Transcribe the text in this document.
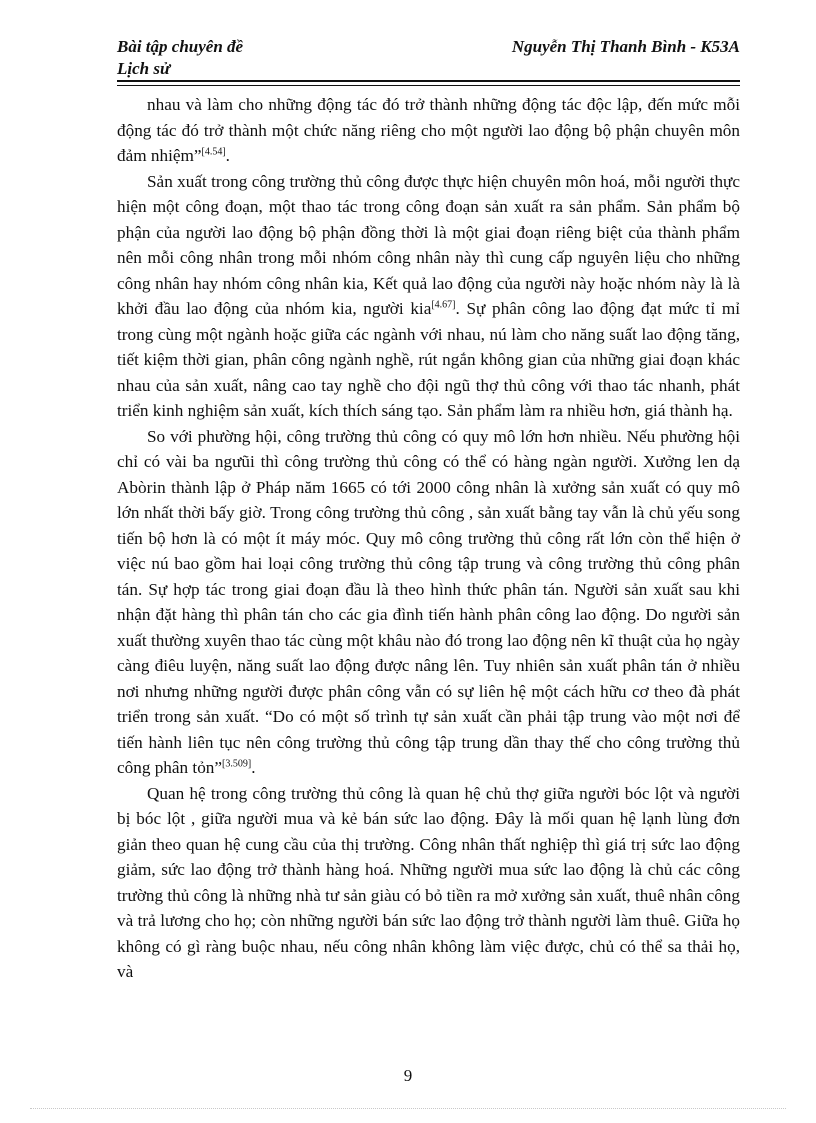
Bài tập chuyên đề
Lịch sử
Nguyễn Thị Thanh Bình - K53A

nhau và làm cho những động tác đó trở thành những động tác độc lập, đến mức mỗi động tác đó trở thành một chức năng riêng cho một người lao động bộ phận chuyên môn đảm nhiệm”[4.54].

Sản xuất trong công trường thủ công được thực hiện chuyên môn hoá, mỗi người thực hiện một công đoạn, một thao tác trong công đoạn sản xuất ra sản phẩm. Sản phẩm bộ phận của người lao động bộ phận đồng thời là một giai đoạn riêng biệt của thành phẩm nên mỗi công nhân trong mỗi nhóm công nhân này thì cung cấp nguyên liệu cho những công nhân hay nhóm công nhân kia, Kết quả lao động của người này hoặc nhóm này là là khởi đầu lao động của nhóm kia, người kia[4.67]. Sự phân công lao động đạt mức tỉ mỉ trong cùng một ngành hoặc giữa các ngành với nhau, nú làm cho năng suất lao động tăng, tiết kiệm thời gian, phân công ngành nghề, rút ngắn không gian của những giai đoạn khác nhau của sản xuất, nâng cao tay nghề cho đội ngũ thợ thủ công với thao tác nhanh, phát triển kinh nghiệm sản xuất, kích thích sáng tạo. Sản phẩm làm ra nhiều hơn, giá thành hạ.

So với phường hội, công trường thủ công có quy mô lớn hơn nhiều. Nếu phường hội chỉ có vài ba ngưũi thì công trường thủ công có thể có hàng ngàn người. Xưởng len dạ Abòrin thành lập ở Pháp năm 1665 có tới 2000 công nhân là xưởng sản xuất có quy mô lớn nhất thời bấy giờ. Trong công trường thủ công , sản xuất bằng tay vẫn là chủ yếu song tiến bộ hơn là có một ít máy móc. Quy mô công trường thủ công rất lớn còn thể hiện ở việc nú bao gồm hai loại công trường thủ công tập trung và công trường thủ công phân tán. Sự hợp tác trong giai đoạn đầu là theo hình thức phân tán. Người sản xuất sau khi nhận đặt hàng thì phân tán cho các gia đình tiến hành phân công lao động. Do người sản xuất thường xuyên thao tác cùng một khâu nào đó trong lao động nên kĩ thuật của họ ngày càng điêu luyện, năng suất lao động được nâng lên. Tuy nhiên sản xuất phân tán ở nhiều nơi nhưng những người được phân công vẫn có sự liên hệ một cách hữu cơ theo đà phát triển trong sản xuất. “Do có một số trình tự sản xuất cần phải tập trung vào một nơi để tiến hành liên tục nên công trường thủ công tập trung dần thay thế cho công trường thủ công phân tỏn”[3.509].

Quan hệ trong công trường thủ công là quan hệ chủ thợ giữa người bóc lột và người bị bóc lột , giữa người mua và kẻ bán sức lao động. Đây là mối quan hệ lạnh lùng đơn giản theo quan hệ cung cầu của thị trường. Công nhân thất nghiệp thì giá trị sức lao động giảm, sức lao động trở thành hàng hoá. Những người mua sức lao động là chủ các công trường thủ công là những nhà tư sản giàu có bỏ tiền ra mở xưởng sản xuất, thuê nhân công và trả lương cho họ; còn những người bán sức lao động trở thành người làm thuê. Giữa họ không có gì ràng buộc nhau, nếu công nhân không làm việc được, chủ có thể sa thải họ, và

9
